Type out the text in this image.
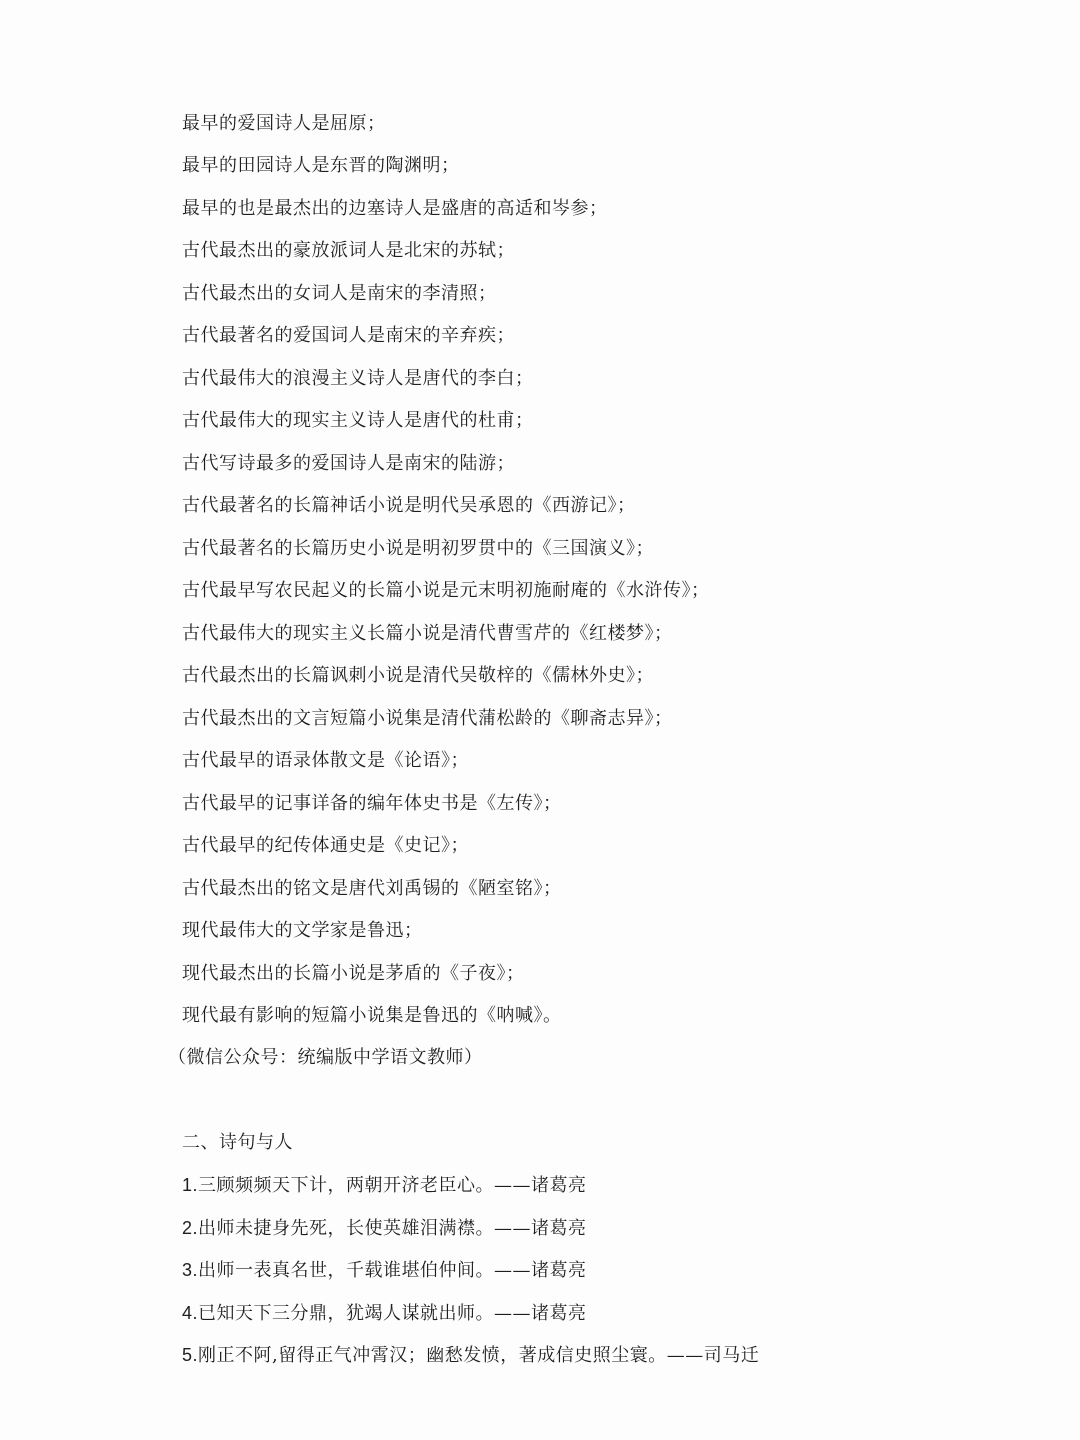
最早的爱国诗人是屈原；
最早的田园诗人是东晋的陶渊明；
最早的也是最杰出的边塞诗人是盛唐的高适和岑参；
古代最杰出的豪放派词人是北宋的苏轼；
古代最杰出的女词人是南宋的李清照；
古代最著名的爱国词人是南宋的辛弃疾；
古代最伟大的浪漫主义诗人是唐代的李白；
古代最伟大的现实主义诗人是唐代的杜甫；
古代写诗最多的爱国诗人是南宋的陆游；
古代最著名的长篇神话小说是明代吴承恩的《西游记》；
古代最著名的长篇历史小说是明初罗贯中的《三国演义》；
古代最早写农民起义的长篇小说是元末明初施耐庵的《水浒传》；
古代最伟大的现实主义长篇小说是清代曹雪芹的《红楼梦》；
古代最杰出的长篇讽刺小说是清代吴敬梓的《儒林外史》；
古代最杰出的文言短篇小说集是清代蒲松龄的《聊斋志异》；
古代最早的语录体散文是《论语》；
古代最早的记事详备的编年体史书是《左传》；
古代最早的纪传体通史是《史记》；
古代最杰出的铭文是唐代刘禹锡的《陋室铭》；
现代最伟大的文学家是鲁迅；
现代最杰出的长篇小说是茅盾的《子夜》；
现代最有影响的短篇小说集是鲁迅的《呐喊》。
（微信公众号：统编版中学语文教师）
二、诗句与人
1.三顾频频天下计，两朝开济老臣心。——诸葛亮
2.出师未捷身先死，长使英雄泪满襟。——诸葛亮
3.出师一表真名世，千载谁堪伯仲间。——诸葛亮
4.已知天下三分鼎，犹竭人谋就出师。——诸葛亮
5.刚正不阿,留得正气冲霄汉；幽愁发愤，著成信史照尘寰。——司马迁
